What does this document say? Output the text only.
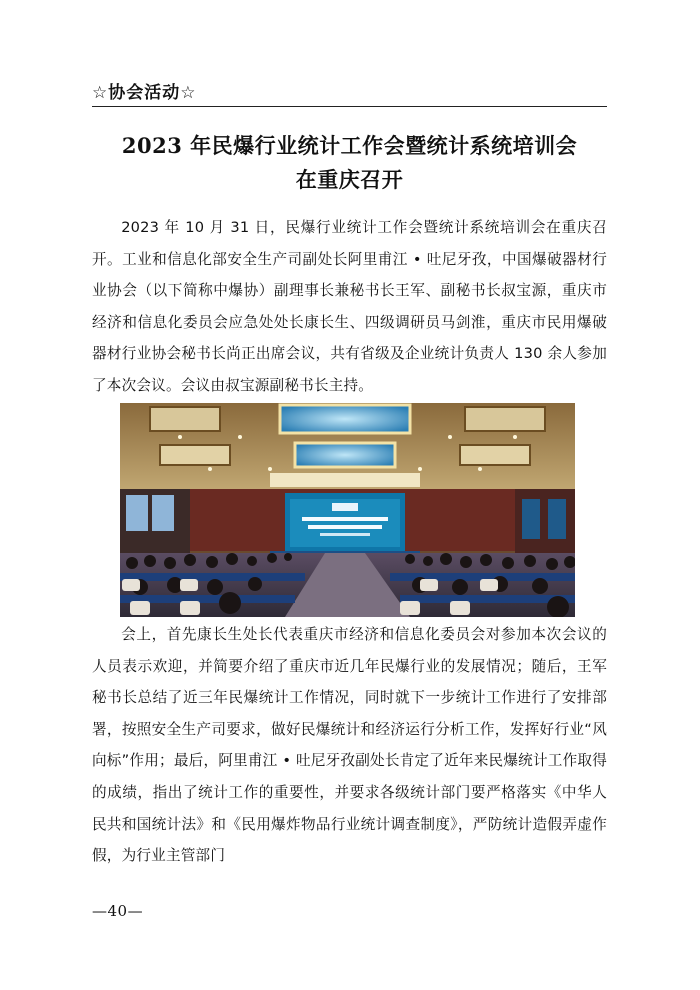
☆协会活动☆
2023 年民爆行业统计工作会暨统计系统培训会
在重庆召开

2023 年 10 月 31 日，民爆行业统计工作会暨统计系统培训会在重庆召开。工业和信息化部安全生产司副处长阿里甫江 • 吐尼牙孜，中国爆破器材行业协会（以下简称中爆协）副理事长兼秘书长王军、副秘书长叔宝源，重庆市经济和信息化委员会应急处处长康长生、四级调研员马剑淮，重庆市民用爆破器材行业协会秘书长尚正出席会议，共有省级及企业统计负责人 130 余人参加了本次会议。会议由叔宝源副秘书长主持。

会上，首先康长生处长代表重庆市经济和信息化委员会对参加本次会议的人员表示欢迎，并简要介绍了重庆市近几年民爆行业的发展情况；随后，王军秘书长总结了近三年民爆统计工作情况，同时就下一步统计工作进行了安排部署，按照安全生产司要求，做好民爆统计和经济运行分析工作，发挥好行业“风向标”作用；最后，阿里甫江 • 吐尼牙孜副处长肯定了近年来民爆统计工作取得的成绩，指出了统计工作的重要性，并要求各级统计部门要严格落实《中华人民共和国统计法》和《民用爆炸物品行业统计调查制度》，严防统计造假弄虚作假，为行业主管部门

—40—
